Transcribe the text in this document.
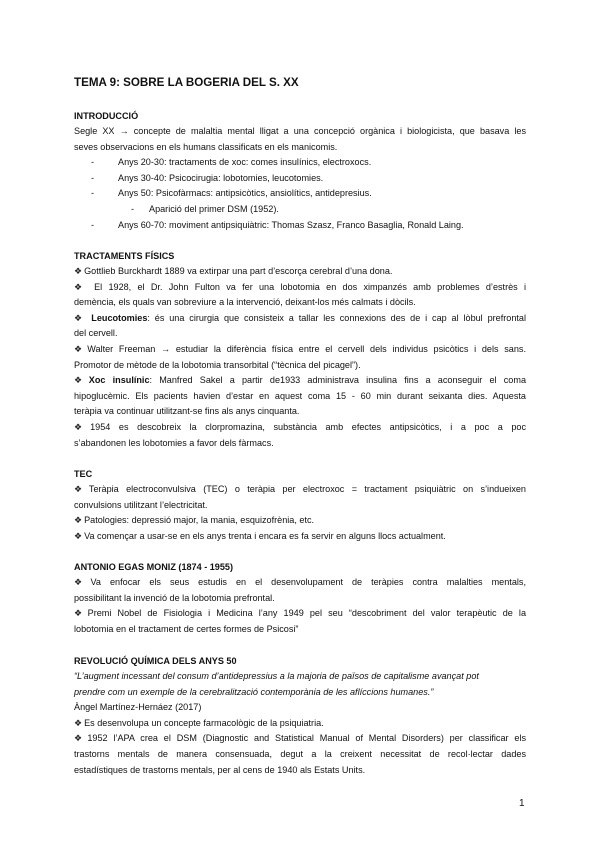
TEMA 9: SOBRE LA BOGERIA DEL S. XX
INTRODUCCIÓ
Segle XX → concepte de malaltia mental lligat a una concepció orgànica i biologicista, que basava les
seves observacions en els humans classificats en els manicomis.
- Anys 20-30: tractaments de xoc: comes insulínics, electroxocs.
- Anys 30-40: Psicocirugia: lobotomies, leucotomies.
- Anys 50: Psicofàrmacs: antipsicòtics, ansiolítics, antidepresius.
- Aparició del primer DSM (1952).
- Anys 60-70: moviment antipsiquiàtric: Thomas Szasz, Franco Basaglia, Ronald Laing.
TRACTAMENTS FÍSICS
❖ Gottlieb Burckhardt 1889 va extirpar una part d’escorça cerebral d’una dona.
❖ El 1928, el Dr. John Fulton va fer una lobotomia en dos ximpanzés amb problemes d’estrès i
demència, els quals van sobreviure a la intervenció, deixant-los més calmats i dòcils.
❖ Leucotomies: és una cirurgia que consisteix a tallar les connexions des de i cap al lòbul prefrontal
del cervell.
❖ Walter Freeman → estudiar la diferència física entre el cervell dels individus psicòtics i dels sans.
Promotor de mètode de la lobotomia transorbital (“tècnica del picagel”).
❖ Xoc insulínic: Manfred Sakel a partir de1933 administrava insulina fins a aconseguir el coma
hipoglucèmic. Els pacients havien d’estar en aquest coma 15 - 60 min durant seixanta dies. Aquesta
teràpia va continuar utilitzant-se fins als anys cinquanta.
❖ 1954 es descobreix la clorpromazina, substància amb efectes antipsicòtics, i a poc a poc
s’abandonen les lobotomies a favor dels fàrmacs.
TEC
❖ Teràpia electroconvulsiva (TEC) o teràpia per electroxoc = tractament psiquiàtric on s’indueixen
convulsions utilitzant l’electricitat.
❖ Patologies: depressió major, la mania, esquizofrènia, etc.
❖ Va començar a usar-se en els anys trenta i encara es fa servir en alguns llocs actualment.
ANTONIO EGAS MONIZ (1874 - 1955)
❖ Va enfocar els seus estudis en el desenvolupament de teràpies contra malalties mentals,
possibilitant la invenció de la lobotomia prefrontal.
❖ Premi Nobel de Fisiologia i Medicina l’any 1949 pel seu “descobriment del valor terapèutic de la
lobotomia en el tractament de certes formes de Psicosi”
REVOLUCIÓ QUÍMICA DELS ANYS 50
“L’augment incessant del consum d’antidepressius a la majoria de països de capitalisme avançat pot
prendre com un exemple de la cerebralització contemporània de les aflíccions humanes.”
Àngel Martínez-Hernáez (2017)
❖ Es desenvolupa un concepte farmacològic de la psiquiatria.
❖ 1952 l’APA crea el DSM (Diagnostic and Statistical Manual of Mental Disorders) per classificar els
trastorns mentals de manera consensuada, degut a la creixent necessitat de recol·lectar dades
estadístiques de trastorns mentals, per al cens de 1940 als Estats Units.
1
